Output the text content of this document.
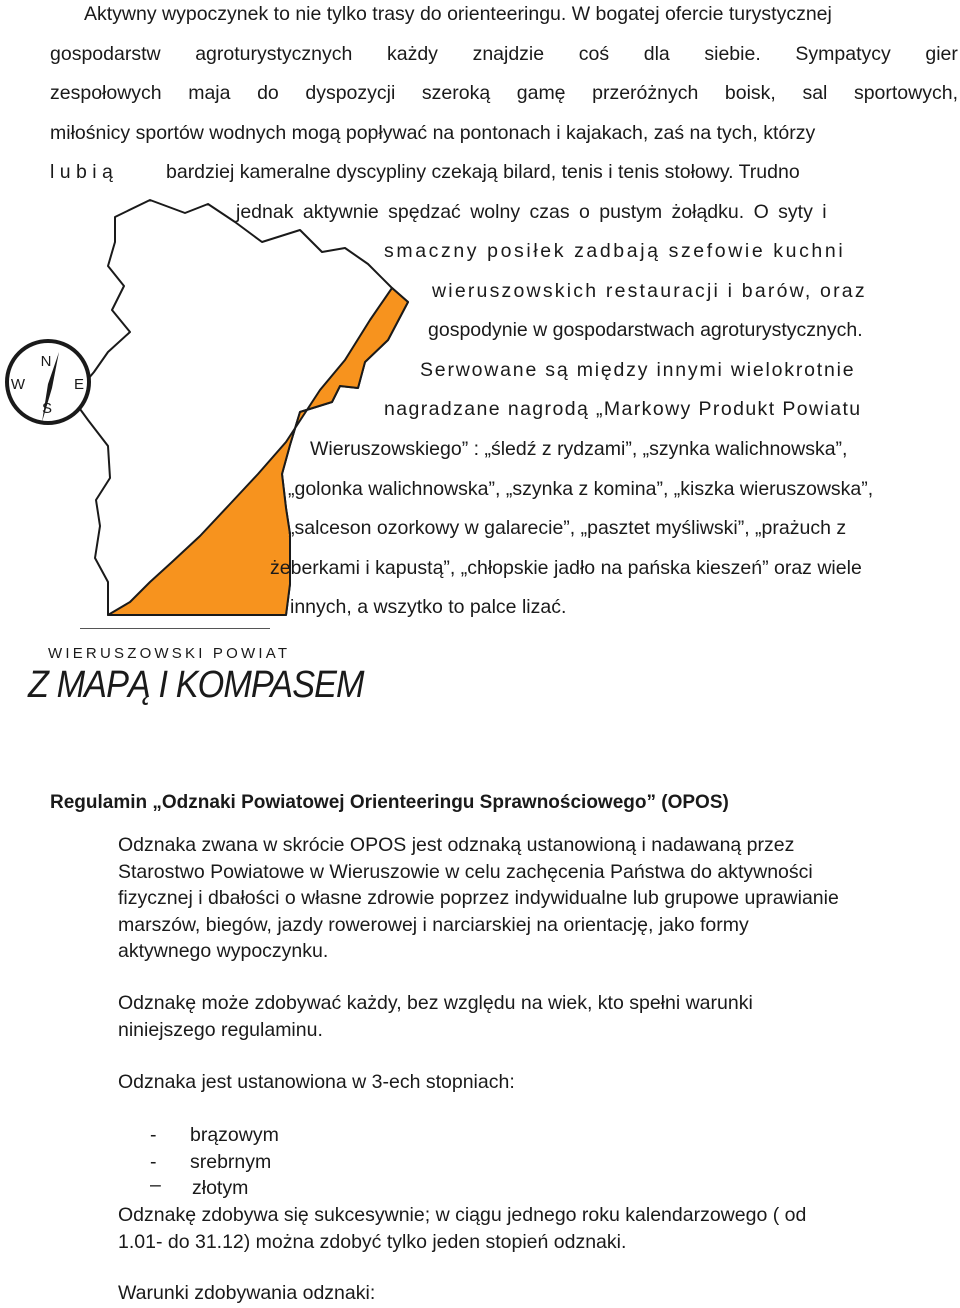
N
S
W	E
Aktywny wypoczynek to nie tylko trasy do orienteeringu. W bogatej ofercie turystycznej
gospodarstw agroturystycznych każdy znajdzie coś dla siebie. Sympatycy gier
zespołowych maja do dyspozycji szeroką gamę przeróżnych boisk, sal sportowych,
miłośnicy sportów wodnych mogą popływać na pontonach i kajakach, zaś na tych, którzy
l u b i ą	bardziej kameralne dyscypliny czekają bilard, tenis i tenis stołowy. Trudno
jednak aktywnie spędzać wolny czas o pustym żołądku. O syty i
smaczny posiłek zadbają szefowie kuchni
wieruszowskich restauracji i barów, oraz
gospodynie w gospodarstwach agroturystycznych.
Serwowane są między innymi wielokrotnie
nagradzane nagrodą „Markowy Produkt Powiatu
Wieruszowskiego” : „śledź z rydzami”, „szynka walichnowska”,
„golonka walichnowska”, „szynka z komina”, „kiszka wieruszowska”,
„salceson ozorkowy w galarecie”, „pasztet myśliwski”, „prażuch z
żeberkami i kapustą”, „chłopskie jadło na pańska kieszeń” oraz wiele
innych, a wszytko to palce lizać.
WIERUSZOWSKI POWIAT
Z MAPĄ I KOMPASEM
Regulamin „Odznaki Powiatowej Orienteeringu Sprawnościowego” (OPOS)
Odznaka zwana w skrócie OPOS jest odznaką ustanowioną i nadawaną przez
Starostwo Powiatowe w Wieruszowie w celu zachęcenia Państwa do aktywności
fizycznej i dbałości o własne zdrowie poprzez indywidualne lub grupowe uprawianie
marszów, biegów, jazdy rowerowej i narciarskiej na orientację, jako formy
aktywnego wypoczynku.
Odznakę może zdobywać każdy, bez względu na wiek, kto spełni warunki
niniejszego regulaminu.
Odznaka jest ustanowiona w 3-ech stopniach:
- brązowym
- srebrnym
– złotym
Odznakę zdobywa się sukcesywnie; w ciągu jednego roku kalendarzowego ( od
1.01- do 31.12) można zdobyć tylko jeden stopień odznaki.
Warunki zdobywania odznaki:
